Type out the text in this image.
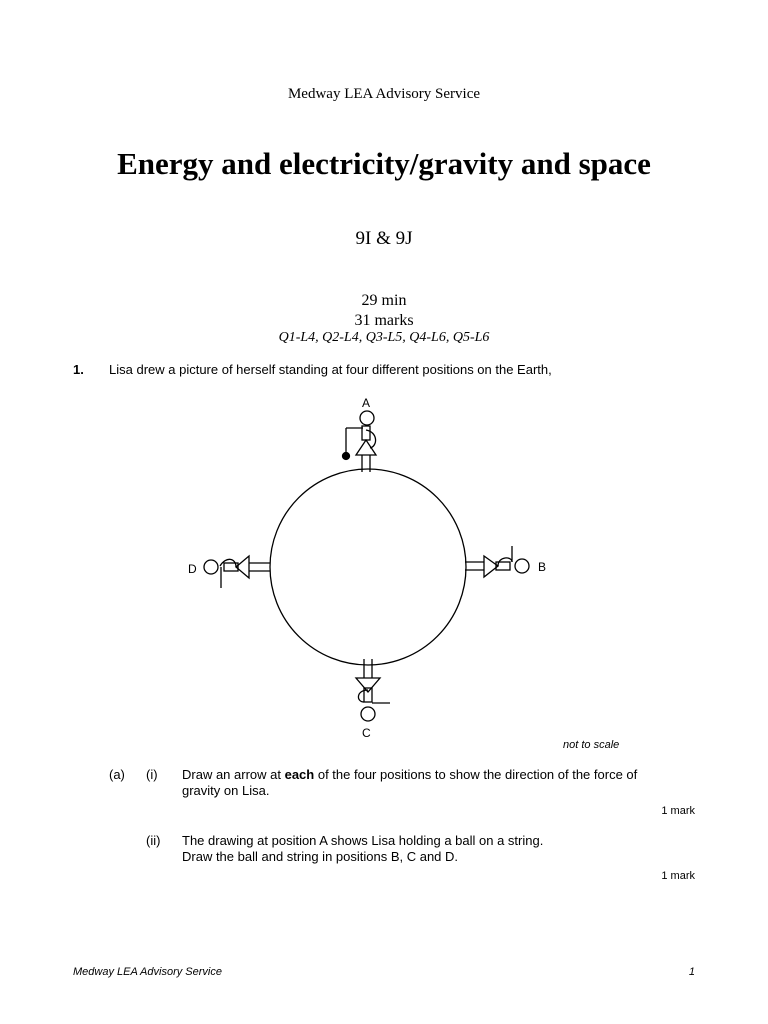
Medway LEA Advisory Service
Energy and electricity/gravity and space
9I & 9J
29 min
31 marks
Q1-L4, Q2-L4, Q3-L5, Q4-L6, Q5-L6
1. Lisa drew a picture of herself standing at four different positions on the Earth,
A
B
C
D
not to scale
(a) (i) Draw an arrow at each of the four positions to show the direction of the force of gravity on Lisa.
1 mark
(ii) The drawing at position A shows Lisa holding a ball on a string.
Draw the ball and string in positions B, C and D.
1 mark
Medway LEA Advisory Service	1
